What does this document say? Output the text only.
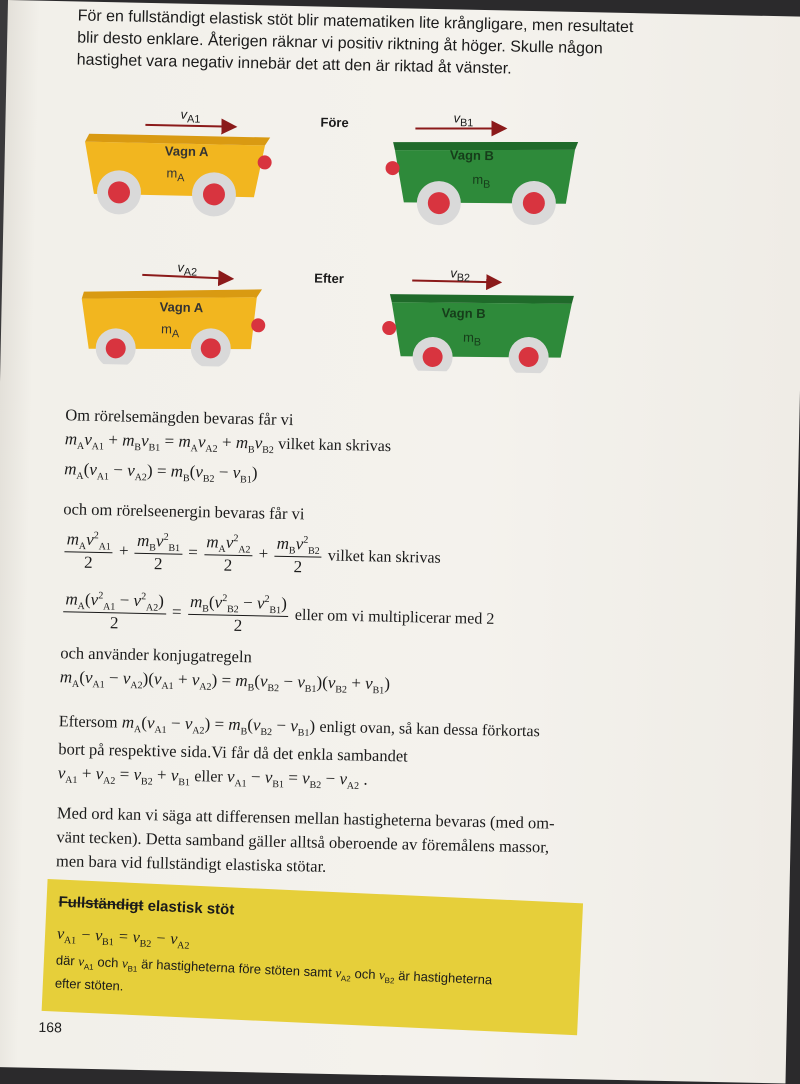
För en fullständigt elastisk stöt blir matematiken lite krångligare, men resultatet blir desto enklare. Återigen räknar vi positiv riktning åt höger. Skulle någon hastighet vara negativ innebär det att den är riktad åt vänster.
$v_{A1}$	$v_{B1}$
Före
$v_{A2}$	$v_{B2}$
Efter
Vagn A
$m_A$
Vagn B
$m_B$
Vagn A
$m_A$
Vagn B
$m_B$
Om rörelsemängden bevaras får vi
$m_Av_{A1} + m_Bv_{B1} = m_Av_{A2} + m_Bv_{B2}$ vilket kan skrivas
$m_A(v_{A1} - v_{A2}) = m_B(v_{B2} - v_{B1})$
och om rörelseenergin bevaras får vi
$\frac{m_Av^2_{A1}}{2} + \frac{m_Bv^2_{B1}}{2} = \frac{m_Av^2_{A2}}{2} + \frac{m_Bv^2_{B2}}{2}$ vilket kan skrivas
$\frac{m_A(v^2_{A1} - v^2_{A2})}{2} = \frac{m_B(v^2_{B2} - v^2_{B1})}{2}$ eller om vi multiplicerar med 2
och använder konjugatregeln
$m_A(v_{A1} - v_{A2})(v_{A1} + v_{A2}) = m_B(v_{B2} - v_{B1})(v_{B2} + v_{B1})$
Eftersom $m_A(v_{A1} - v_{A2}) = m_B(v_{B2} - v_{B1})$ enligt ovan, så kan dessa förkortas
bort på respektive sida.Vi får då det enkla sambandet
$v_{A1} + v_{A2} = v_{B2} + v_{B1}$ eller $v_{A1} - v_{B1} = v_{B2} - v_{A2}$ .
Med ord kan vi säga att differensen mellan hastigheterna bevaras (med om-
vänt tecken). Detta samband gäller alltså oberoende av föremålens massor,
men bara vid fullständigt elastiska stötar.
Fullständigt elastisk stöt
$v_{A1} - v_{B1} = v_{B2} - v_{A2}$
där $v_{A1}$ och $v_{B1}$ är hastigheterna före stöten samt $v_{A2}$ och $v_{B2}$ är hastigheterna
efter stöten.
168
